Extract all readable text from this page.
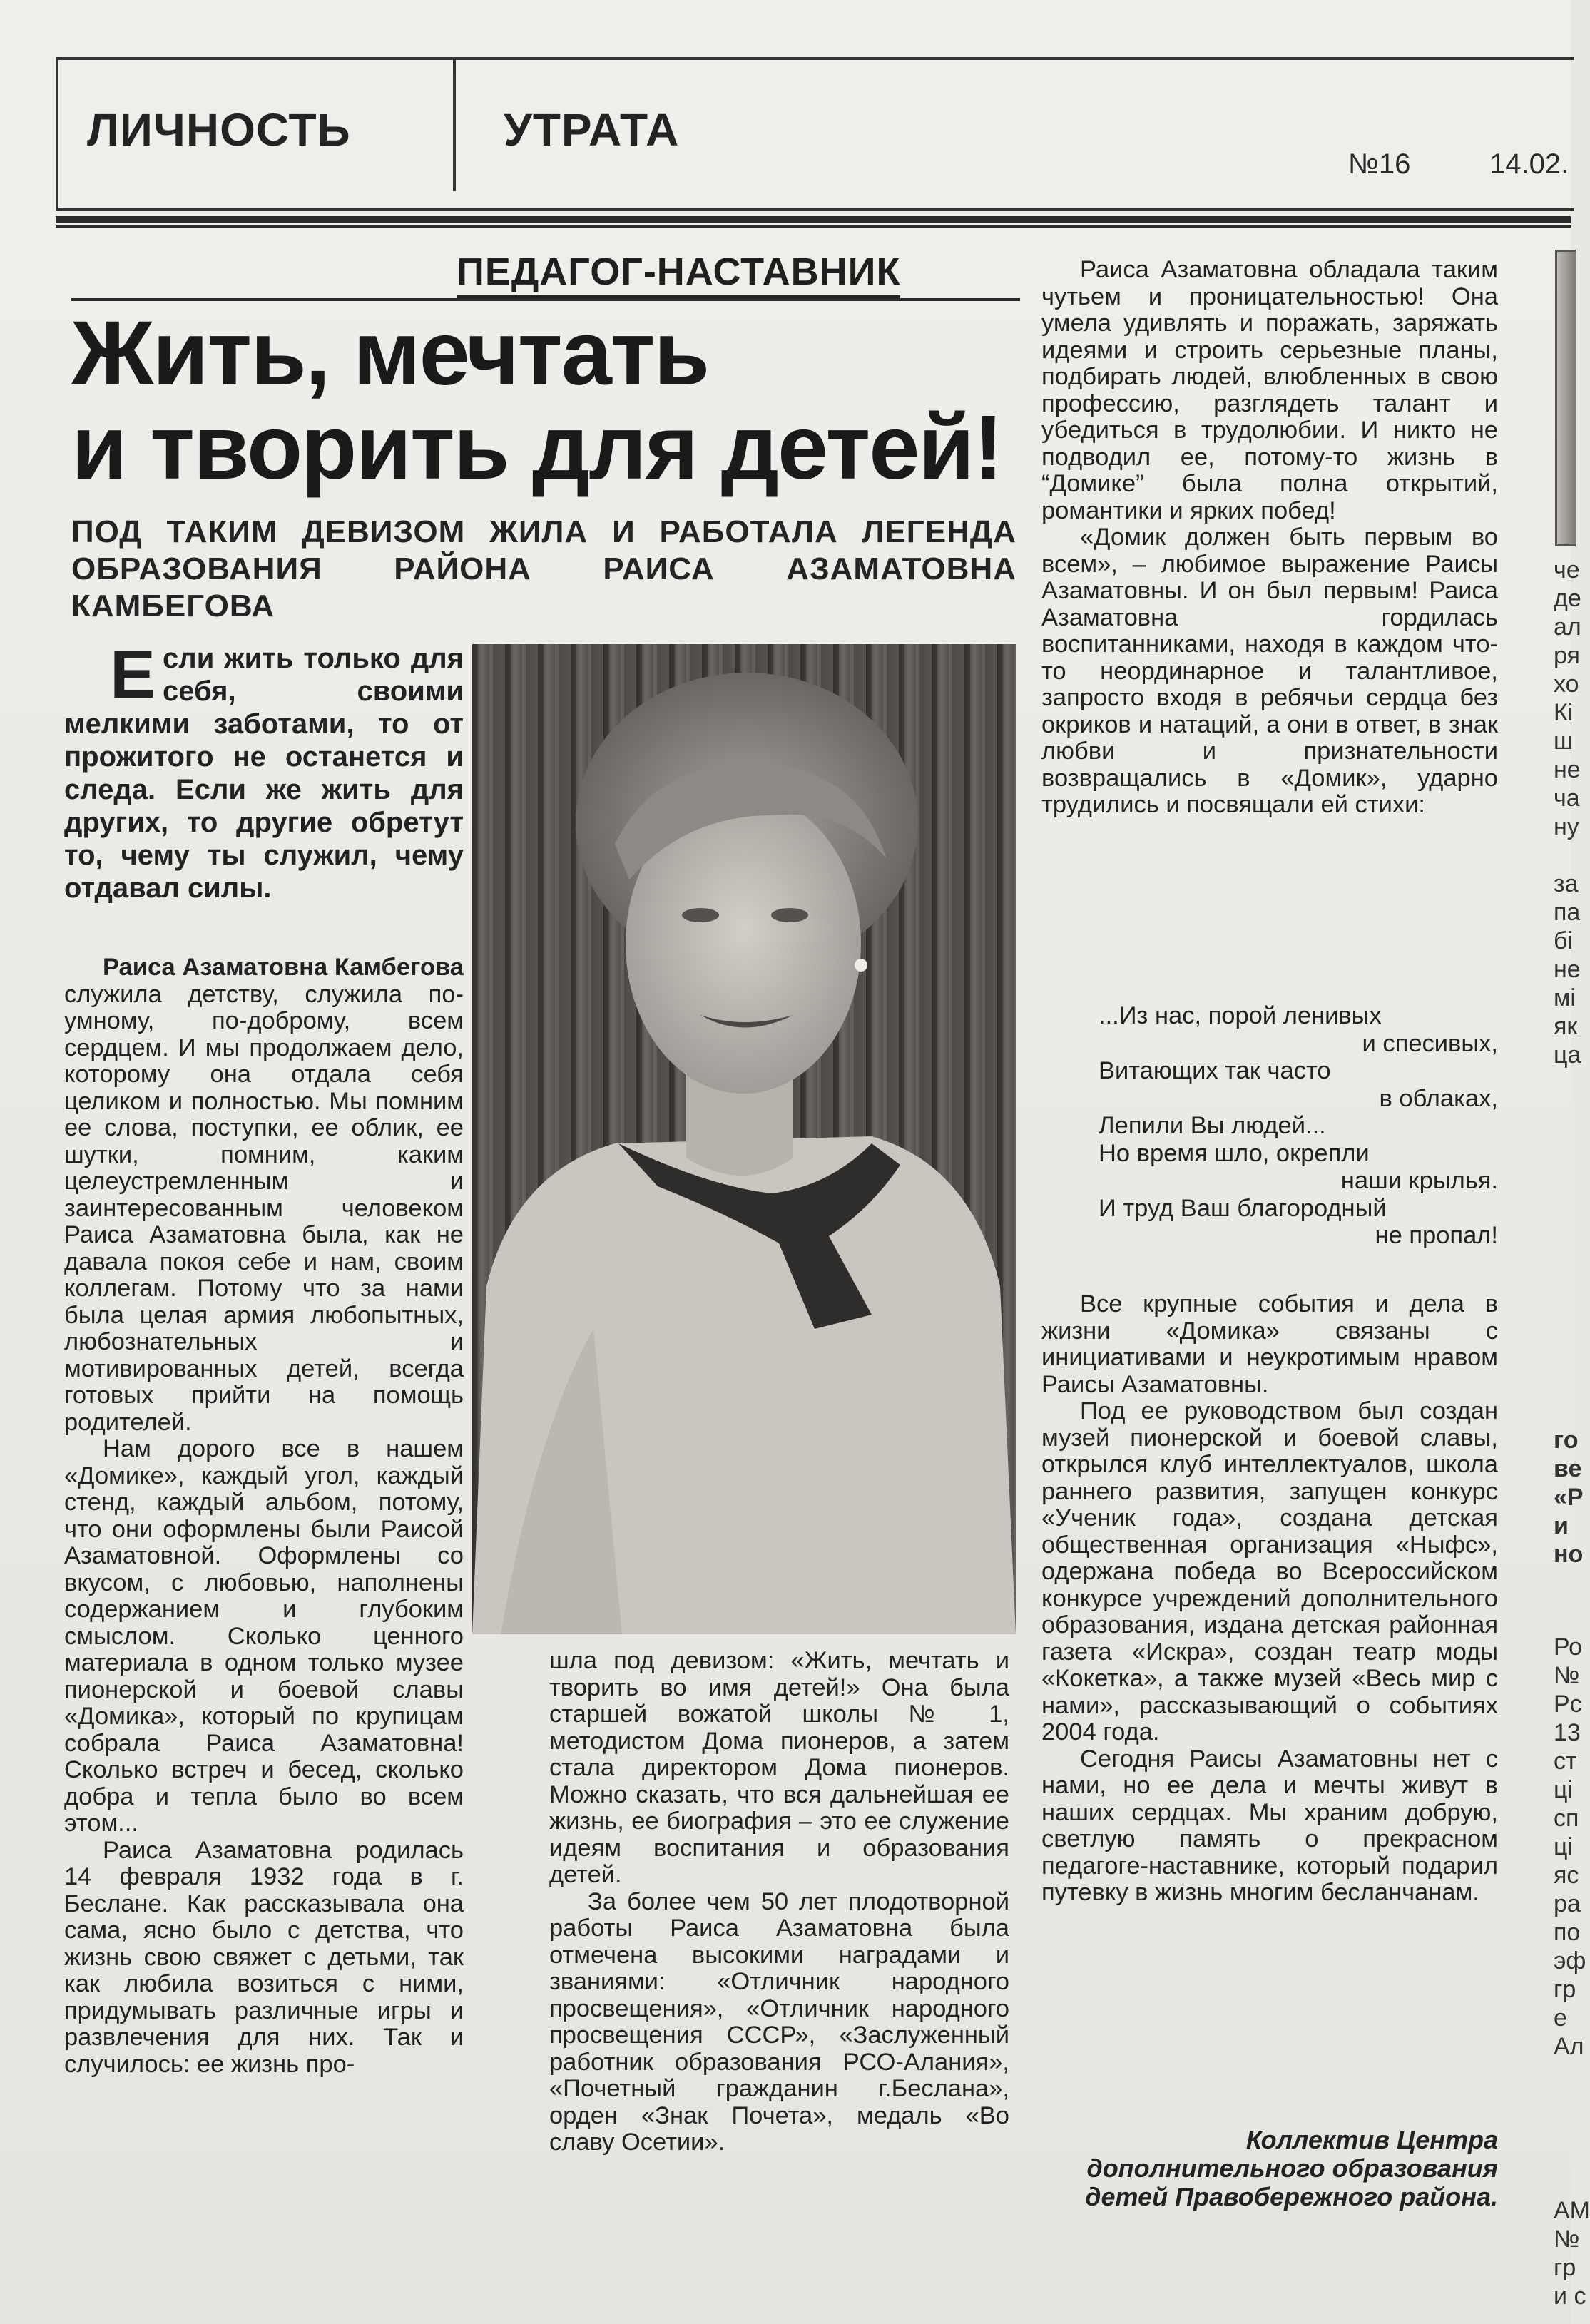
ЛИЧНОСТЬ	УТРАТА
№16	14.02.
ПЕДАГОГ-НАСТАВНИК
Жить, мечтать
и творить для детей!
ПОД ТАКИМ ДЕВИЗОМ ЖИЛА И РАБОТАЛА ЛЕГЕНДА ОБРАЗОВАНИЯ РАЙОНА РАИСА АЗАМАТОВНА КАМБЕГОВА
Если жить только для себя, своими мелкими заботами, то от прожитого не останется и следа. Если же жить для других, то другие обретут то, чему ты служил, чему отдавал силы.

Раиса Азаматовна Камбегова служила детству, служила по-умному, по-доброму, всем сердцем. И мы продолжаем дело, которому она отдала себя целиком и полностью. Мы помним ее слова, поступки, ее облик, ее шутки, помним, каким целеустремленным и заинтересованным человеком Раиса Азаматовна была, как не давала покоя себе и нам, своим коллегам. Потому что за нами была целая армия любопытных, любознательных и мотивированных детей, всегда готовых прийти на помощь родителей.

Нам дорого все в нашем «Домике», каждый угол, каждый стенд, каждый альбом, потому, что они оформлены были Раисой Азаматовной. Оформлены со вкусом, с любовью, наполнены содержанием и глубоким смыслом. Сколько ценного материала в одном только музее пионерской и боевой славы «Домика», который по крупицам собрала Раиса Азаматовна! Сколько встреч и бесед, сколько добра и тепла было во всем этом...

Раиса Азаматовна родилась 14 февраля 1932 года в г. Беслане. Как рассказывала она сама, ясно было с детства, что жизнь свою свяжет с детьми, так как любила возиться с ними, придумывать различные игры и развлечения для них. Так и случилось: ее жизнь про-

шла под девизом: «Жить, мечтать и творить во имя детей!» Она была старшей вожатой школы № 1, методистом Дома пионеров, а затем стала директором Дома пионеров. Можно сказать, что вся дальнейшая ее жизнь, ее биография – это ее служение идеям воспитания и образования детей.

За более чем 50 лет плодотворной работы Раиса Азаматовна была отмечена высокими наградами и званиями: «Отличник народного просвещения», «Отличник народного просвещения СССР», «Заслуженный работник образования РСО-Алания», «Почетный гражданин г.Беслана», орден «Знак Почета», медаль «Во славу Осетии».

Раиса Азаматовна обладала таким чутьем и проницательностью! Она умела удивлять и поражать, заряжать идеями и строить серьезные планы, подбирать людей, влюбленных в свою профессию, разглядеть талант и убедиться в трудолюбии. И никто не подводил ее, потому-то жизнь в “Домике” была полна открытий, романтики и ярких побед!

«Домик должен быть первым во всем», – любимое выражение Раисы Азаматовны. И он был первым! Раиса Азаматовна гордилась воспитанниками, находя в каждом что-то неординарное и талантливое, запросто входя в ребячьи сердца без окриков и натаций, а они в ответ, в знак любви и признательности возвращались в «Домик», ударно трудились и посвящали ей стихи:

...Из нас, порой ленивых
и спесивых,
Витающих так часто
в облаках,
Лепили Вы людей...
Но время шло, окрепли
наши крылья.
И труд Ваш благородный
не пропал!

Все крупные события и дела в жизни «Домика» связаны с инициативами и неукротимым нравом Раисы Азаматовны.

Под ее руководством был создан музей пионерской и боевой славы, открылся клуб интеллектуалов, школа раннего развития, запущен конкурс «Ученик года», создана детская общественная организация «Ныфс», одержана победа во Всероссийском конкурсе учреждений дополнительного образования, издана детская районная газета «Искра», создан театр моды «Кокетка», а также музей «Весь мир с нами», рассказывающий о событиях 2004 года.

Сегодня Раисы Азаматовны нет с нами, но ее дела и мечты живут в наших сердцах. Мы храним добрую, светлую память о прекрасном педагоге-наставнике, который подарил путевку в жизнь многим бесланчанам.

Коллектив Центра дополнительного образования детей Правобережного района.
че
де
ал
ря
хо
Кі
ш
не
ча
ну
за
па
бі
не
мі
як
ца
го
ве
«Р
и
но
Ро
№
Рс
13
ст
ці
сп
ці
яс
ра
по
эф
гр
е
Ал
АМ
№
гр
и с
